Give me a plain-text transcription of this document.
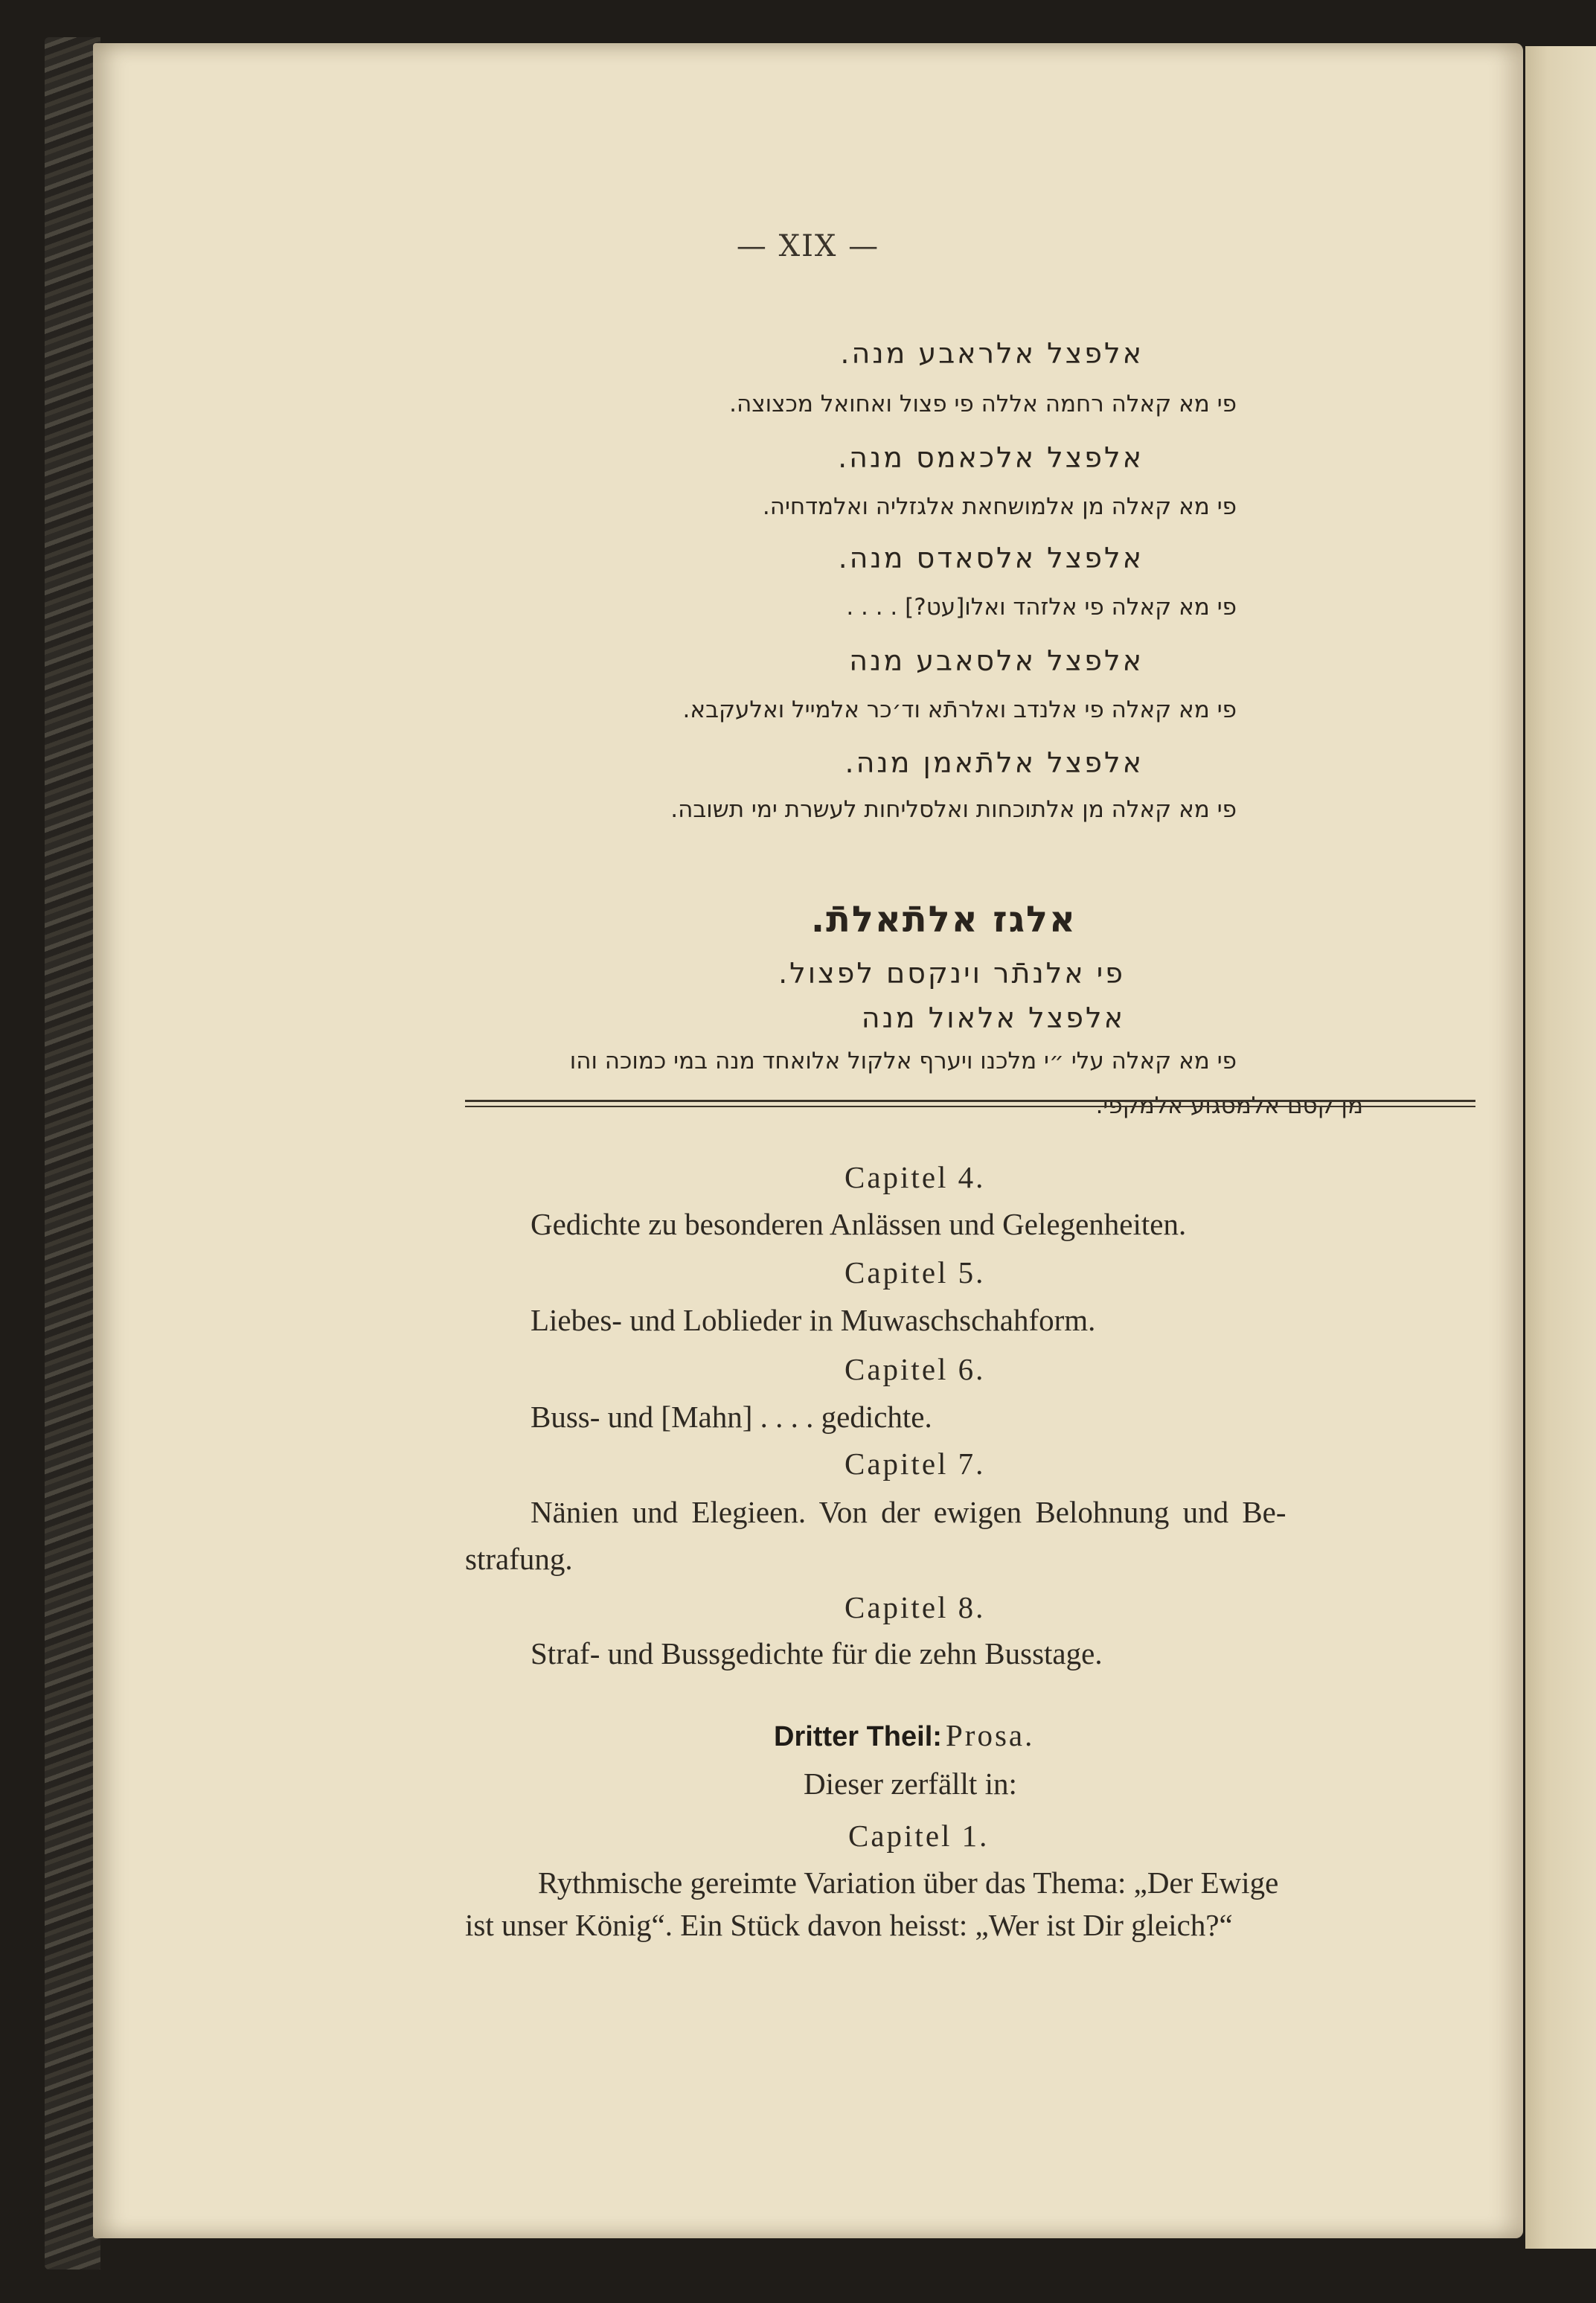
— XIX —
אלפצל אלראבע מנה.
פי מא קאלה רחמה אללה פי פצול ואחואל מכצוצה.
אלפצל אלכאמס מנה.
פי מא קאלה מן אלמושחאת אלגזליה ואלמדחיה.
אלפצל אלסאדס מנה.
פי מא קאלה פי אלזהד ואלו[עט?] . . . .
אלפצל אלסאבע מנה
פי מא קאלה פי אלנדב ואלרתֿא וד׳כר אלמייל ואלעקבא.
אלפצל אלתֿאמן מנה.
פי מא קאלה מן אלתוכחות ואלסליחות לעשרת ימי תשובה.
אלגז אלתֿאלתֿ.
פי אלנתֿר וינקסם לפצול.
אלפצל אלאול מנה
פי מא קאלה עלי ״י מלכנו ויערף אלקול אלואחד מנה במי כמוכה והו
מן קסם אלמסגוע אלמקפי.
Capitel 4.
Gedichte zu besonderen Anlässen und Gelegenheiten.
Capitel 5.
Liebes- und Loblieder in Muwaschschahform.
Capitel 6.
Buss- und [Mahn] . . . . gedichte.
Capitel 7.
Nänien und Elegieen. Von der ewigen Belohnung und Be-
strafung.
Capitel 8.
Straf- und Bussgedichte für die zehn Busstage.
Dritter Theil: Prosa.
Dieser zerfällt in:
Capitel 1.
Rythmische gereimte Variation über das Thema: „Der Ewige
ist unser König“. Ein Stück davon heisst: „Wer ist Dir gleich?“
